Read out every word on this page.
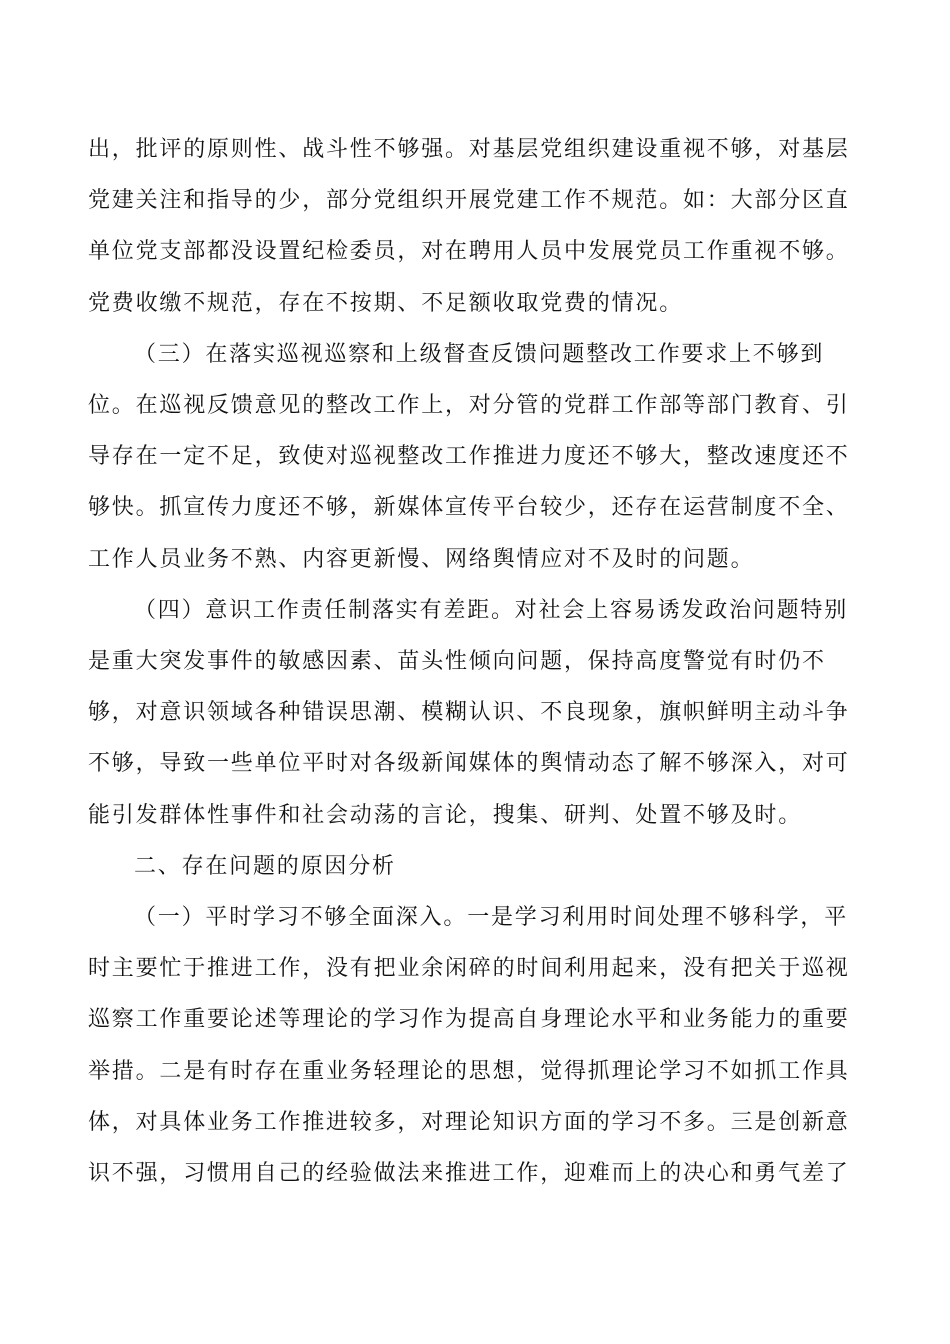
出，批评的原则性、战斗性不够强。对基层党组织建设重视不够，对基层
党建关注和指导的少，部分党组织开展党建工作不规范。如：大部分区直
单位党支部都没设置纪检委员，对在聘用人员中发展党员工作重视不够。
党费收缴不规范，存在不按期、不足额收取党费的情况。

（三）在落实巡视巡察和上级督查反馈问题整改工作要求上不够到
位。在巡视反馈意见的整改工作上，对分管的党群工作部等部门教育、引
导存在一定不足，致使对巡视整改工作推进力度还不够大，整改速度还不
够快。抓宣传力度还不够，新媒体宣传平台较少，还存在运营制度不全、
工作人员业务不熟、内容更新慢、网络舆情应对不及时的问题。

（四）意识工作责任制落实有差距。对社会上容易诱发政治问题特别
是重大突发事件的敏感因素、苗头性倾向问题，保持高度警觉有时仍不
够，对意识领域各种错误思潮、模糊认识、不良现象，旗帜鲜明主动斗争
不够，导致一些单位平时对各级新闻媒体的舆情动态了解不够深入，对可
能引发群体性事件和社会动荡的言论，搜集、研判、处置不够及时。

二、存在问题的原因分析

（一）平时学习不够全面深入。一是学习利用时间处理不够科学，平
时主要忙于推进工作，没有把业余闲碎的时间利用起来，没有把关于巡视
巡察工作重要论述等理论的学习作为提高自身理论水平和业务能力的重要
举措。二是有时存在重业务轻理论的思想，觉得抓理论学习不如抓工作具
体，对具体业务工作推进较多，对理论知识方面的学习不多。三是创新意
识不强，习惯用自己的经验做法来推进工作，迎难而上的决心和勇气差了
